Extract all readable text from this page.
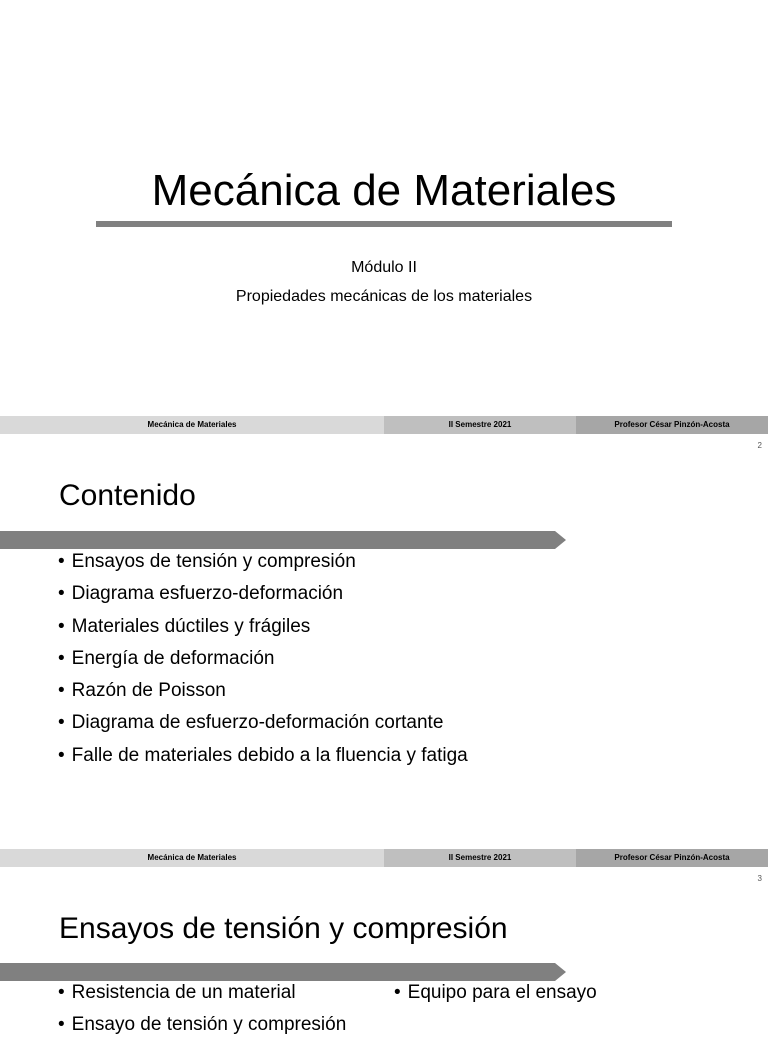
Mecánica de Materiales
Módulo II
Propiedades mecánicas de los materiales
Mecánica de Materiales	II Semestre 2021	Profesor César Pinzón-Acosta
2
Contenido
• Ensayos de tensión y compresión
• Diagrama esfuerzo-deformación
• Materiales dúctiles y frágiles
• Energía de deformación
• Razón de Poisson
• Diagrama de esfuerzo-deformación cortante
• Falle de materiales debido a la fluencia y fatiga
Mecánica de Materiales	II Semestre 2021	Profesor César Pinzón-Acosta
3
Ensayos de tensión y compresión
• Resistencia de un material
• Ensayo de tensión y compresión
• Equipo para el ensayo
